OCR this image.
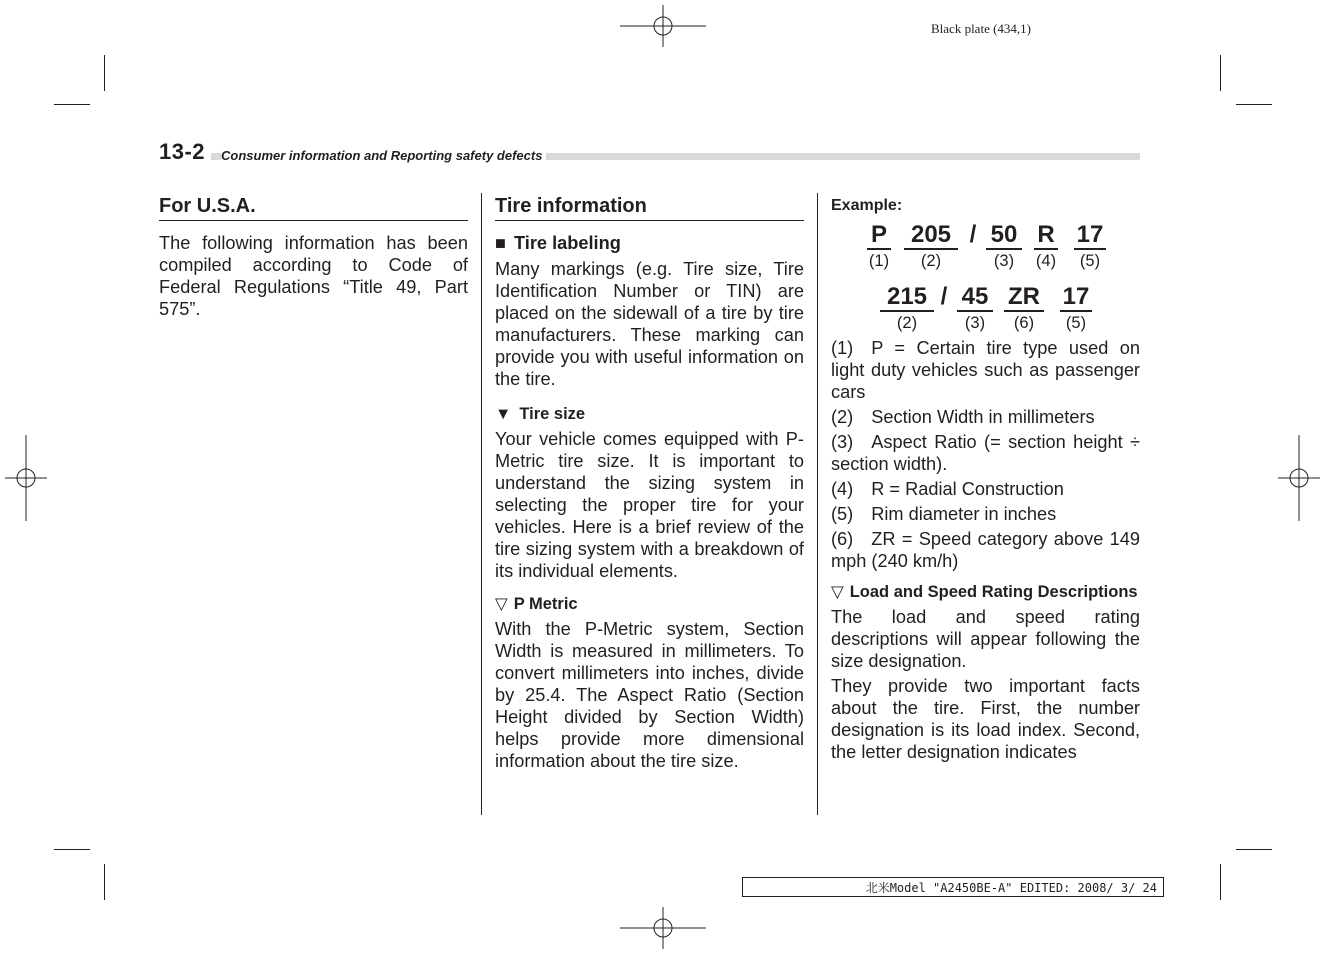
Black plate (434,1)
13-2	Consumer information and Reporting safety defects
For U.S.A.

The following information has been compiled according to Code of Federal Regulations “Title 49, Part 575”.

Tire information
■ Tire labeling

Many markings (e.g. Tire size, Tire Identification Number or TIN) are placed on the sidewall of a tire by tire manufacturers. These marking can provide you with useful information on the tire.

▼ Tire size

Your vehicle comes equipped with P-Metric tire size. It is important to understand the sizing system in selecting the proper tire for your vehicles. Here is a brief review of the tire sizing system with a breakdown of its individual elements.

▽ P Metric

With the P-Metric system, Section Width is measured in millimeters. To convert millimeters into inches, divide by 25.4. The Aspect Ratio (Section Height divided by Section Width) helps provide more dimensional information about the tire size.

Example:
P
(1)
205
(2)
/ 50
(3)
R
(4)
17
(5)
215
(2)
/ 45
(3)
ZR
(6)
17
(5)

(1) P = Certain tire type used on light duty vehicles such as passenger cars

(2) Section Width in millimeters

(3) Aspect Ratio (= section height ÷ section width).

(4) R = Radial Construction

(5) Rim diameter in inches

(6) ZR = Speed category above 149 mph (240 km/h)

▽ Load and Speed Rating Descriptions

The load and speed rating descriptions will appear following the size designation.

They provide two important facts about the tire. First, the number designation is its load index. Second, the letter designation indicates

北米Model "A2450BE-A" EDITED: 2008/ 3/ 24
